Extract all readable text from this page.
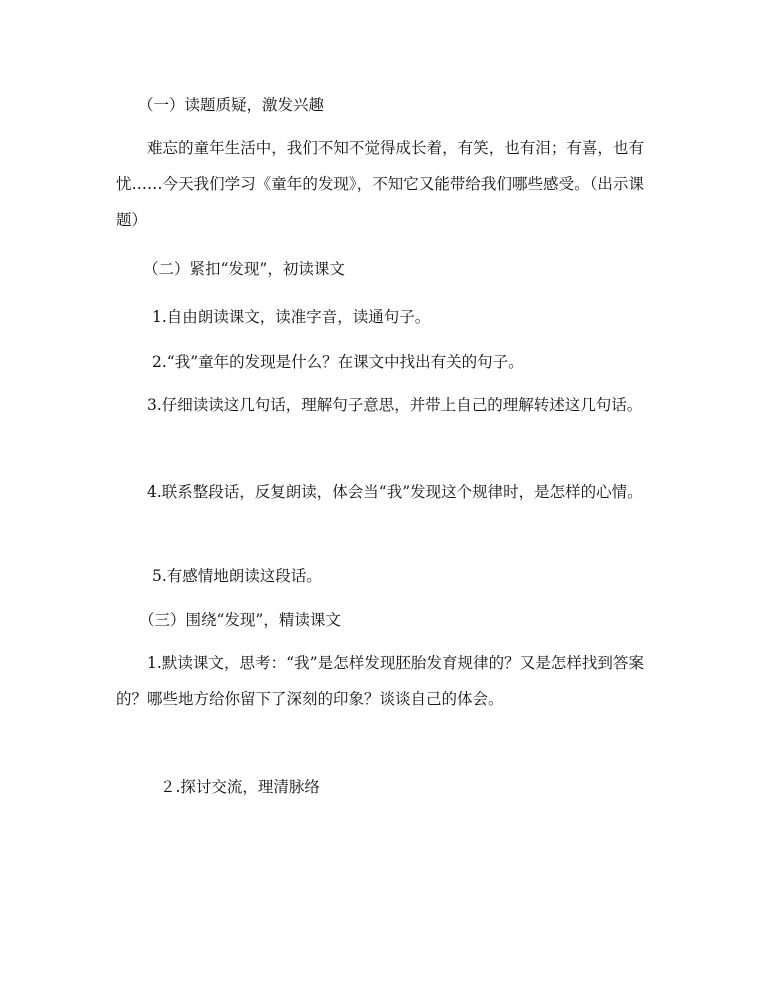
（一）读题质疑，激发兴趣

难忘的童年生活中，我们不知不觉得成长着，有笑，也有泪；有喜，也有忧……今天我们学习《童年的发现》，不知它又能带给我们哪些感受。（出示课题）

（二）紧扣“发现”，初读课文
1.自由朗读课文，读准字音，读通句子。
2.“我”童年的发现是什么？在课文中找出有关的句子。

3.仔细读读这几句话，理解句子意思，并带上自己的理解转述这几句话。

4.联系整段话，反复朗读，体会当“我”发现这个规律时，是怎样的心情。

5.有感情地朗读这段话。
（三）围绕“发现”，精读课文

1.默读课文，思考：“我”是怎样发现胚胎发育规律的？又是怎样找到答案的？哪些地方给你留下了深刻的印象？谈谈自己的体会。

２.探讨交流，理清脉络
